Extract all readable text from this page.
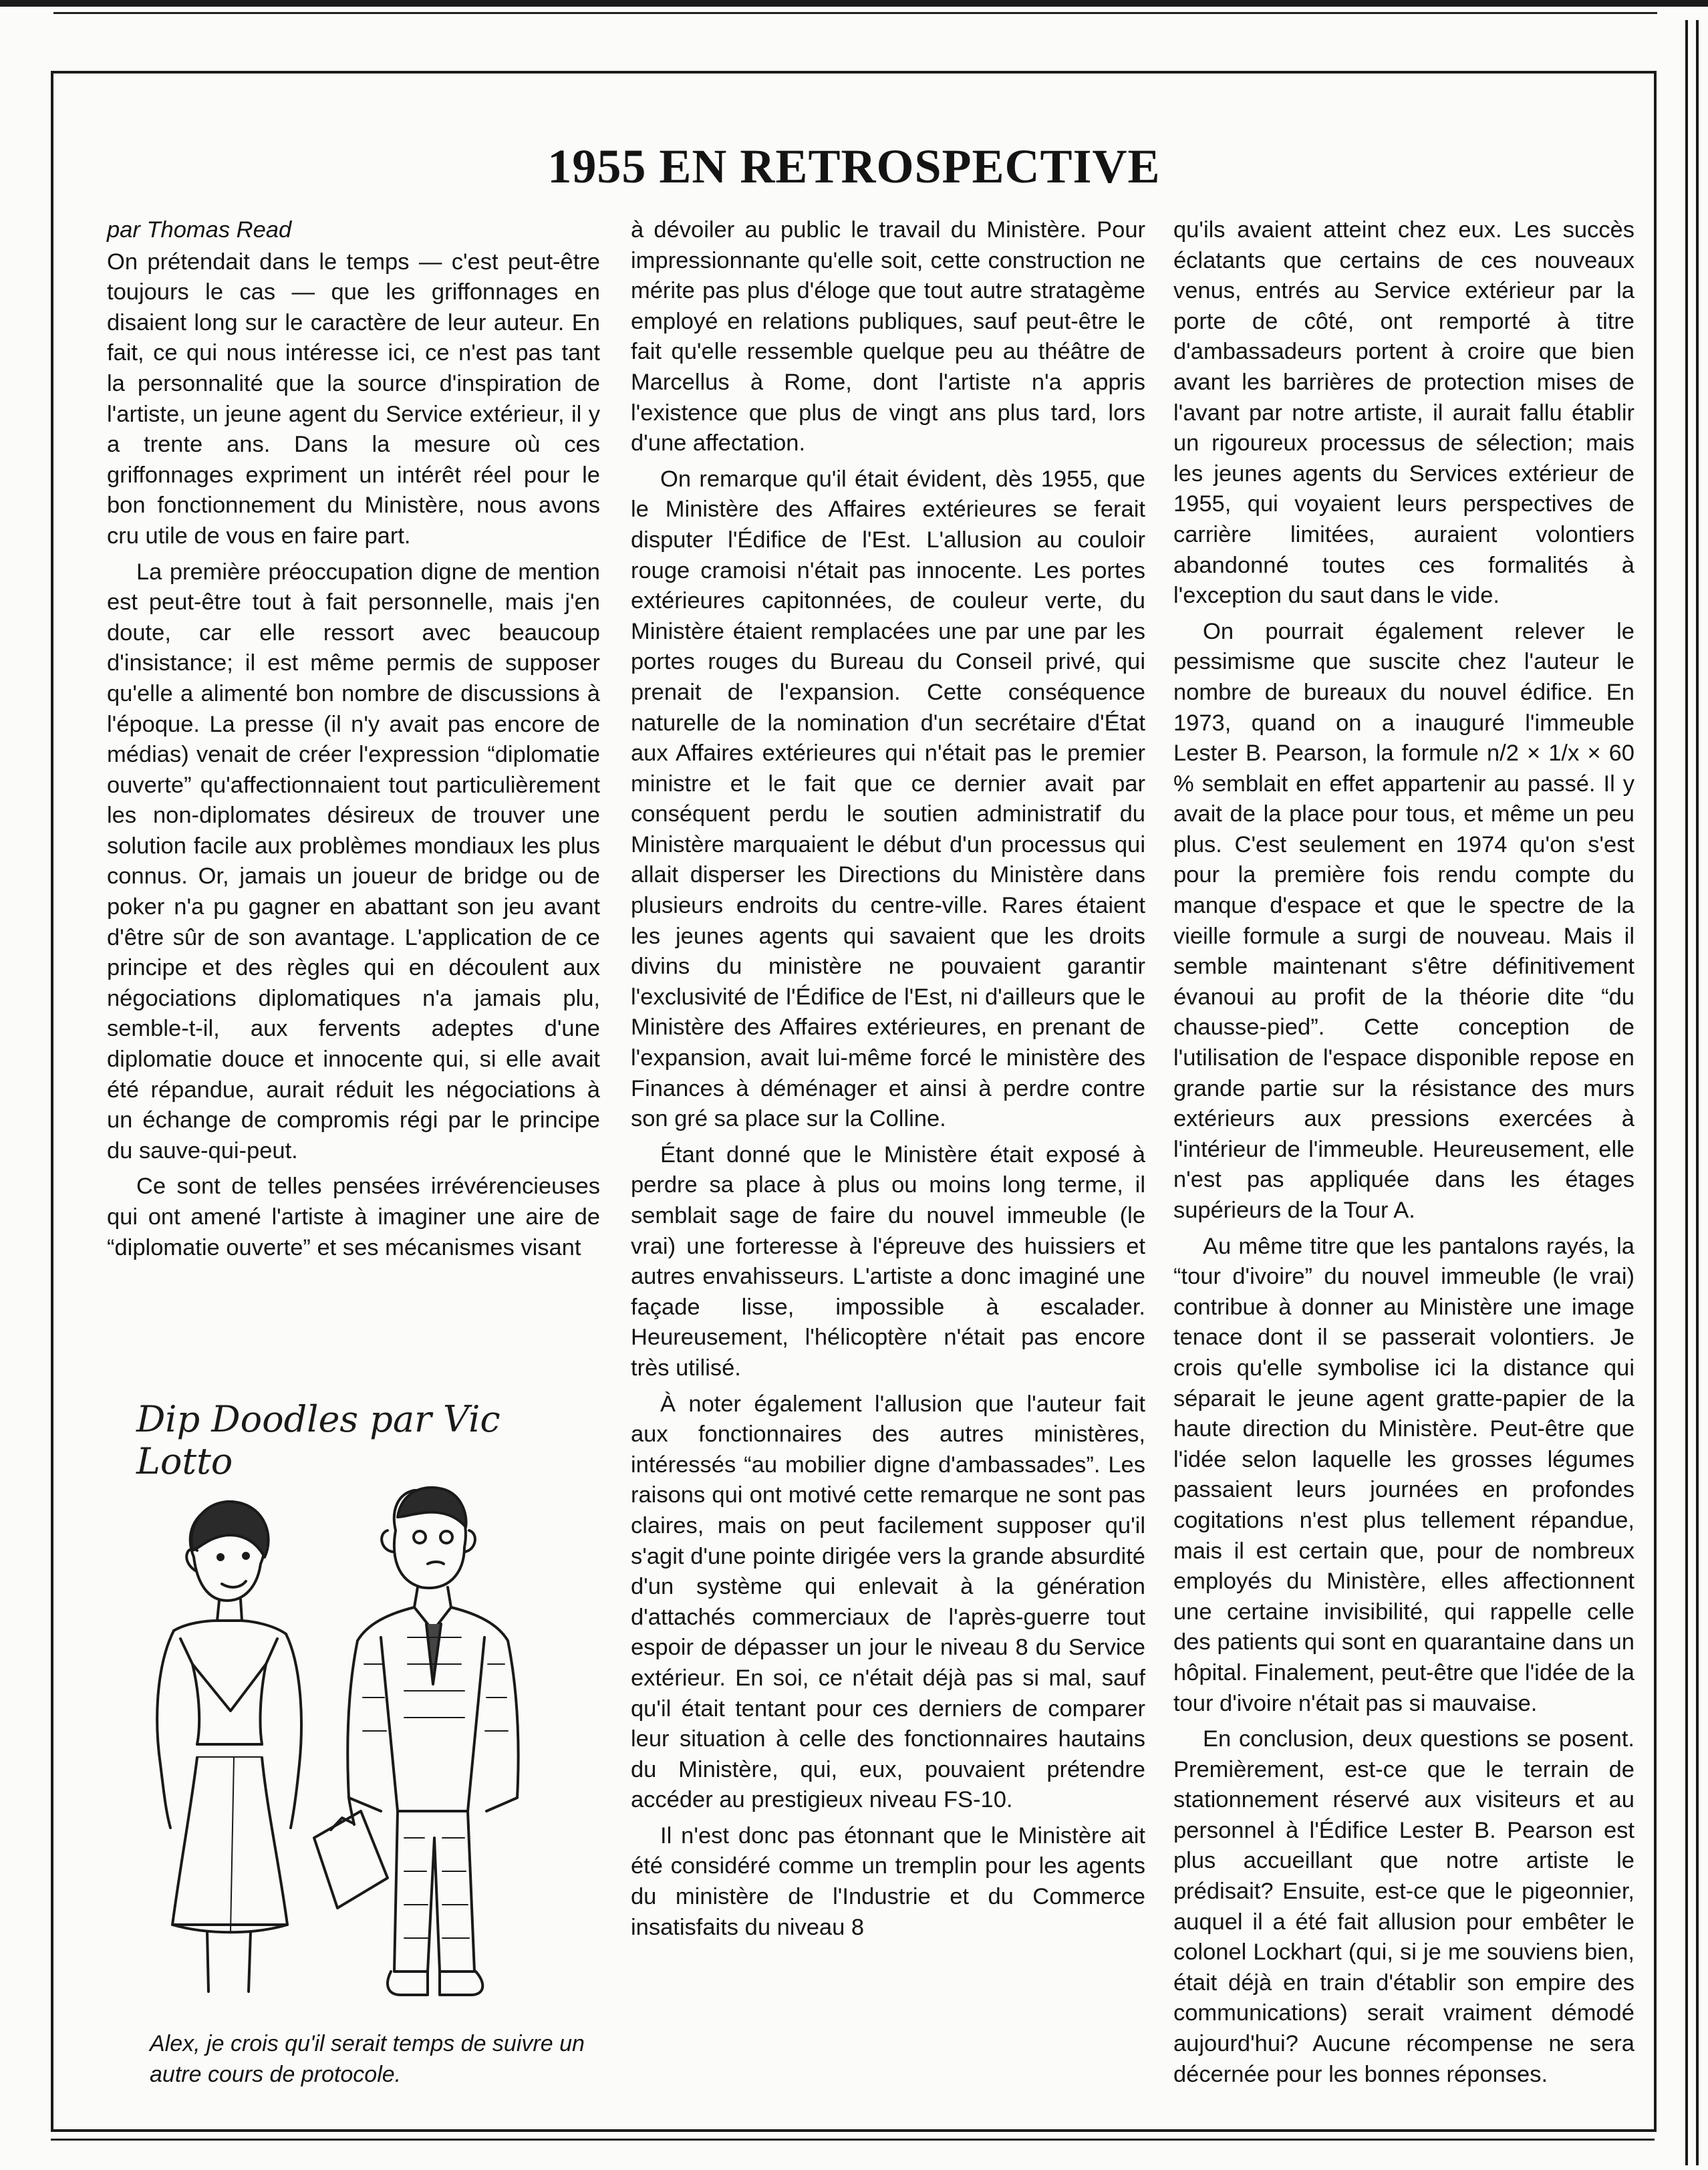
1955 EN RETROSPECTIVE

par Thomas Read
On prétendait dans le temps — c'est peut-être toujours le cas — que les griffonnages en disaient long sur le caractère de leur auteur. En fait, ce qui nous intéresse ici, ce n'est pas tant la personnalité que la source d'inspiration de l'artiste, un jeune agent du Service extérieur, il y a trente ans. Dans la mesure où ces griffonnages expriment un intérêt réel pour le bon fonctionnement du Ministère, nous avons cru utile de vous en faire part.

La première préoccupation digne de mention est peut-être tout à fait personnelle, mais j'en doute, car elle ressort avec beaucoup d'insistance; il est même permis de supposer qu'elle a alimenté bon nombre de discussions à l'époque. La presse (il n'y avait pas encore de médias) venait de créer l'expression “diplomatie ouverte” qu'affectionnaient tout particulièrement les non-diplomates désireux de trouver une solution facile aux problèmes mondiaux les plus connus. Or, jamais un joueur de bridge ou de poker n'a pu gagner en abattant son jeu avant d'être sûr de son avantage. L'application de ce principe et des règles qui en découlent aux négociations diplomatiques n'a jamais plu, semble-t-il, aux fervents adeptes d'une diplomatie douce et innocente qui, si elle avait été répandue, aurait réduit les négociations à un échange de compromis régi par le principe du sauve-qui-peut.

Ce sont de telles pensées irrévérencieuses qui ont amené l'artiste à imaginer une aire de “diplomatie ouverte” et ses mécanismes visant

à dévoiler au public le travail du Ministère. Pour impressionnante qu'elle soit, cette construction ne mérite pas plus d'éloge que tout autre stratagème employé en relations publiques, sauf peut-être le fait qu'elle ressemble quelque peu au théâtre de Marcellus à Rome, dont l'artiste n'a appris l'existence que plus de vingt ans plus tard, lors d'une affectation.

On remarque qu'il était évident, dès 1955, que le Ministère des Affaires extérieures se ferait disputer l'Édifice de l'Est. L'allusion au couloir rouge cramoisi n'était pas innocente. Les portes extérieures capitonnées, de couleur verte, du Ministère étaient remplacées une par une par les portes rouges du Bureau du Conseil privé, qui prenait de l'expansion. Cette conséquence naturelle de la nomination d'un secrétaire d'État aux Affaires extérieures qui n'était pas le premier ministre et le fait que ce dernier avait par conséquent perdu le soutien administratif du Ministère marquaient le début d'un processus qui allait disperser les Directions du Ministère dans plusieurs endroits du centre-ville. Rares étaient les jeunes agents qui savaient que les droits divins du ministère ne pouvaient garantir l'exclusivité de l'Édifice de l'Est, ni d'ailleurs que le Ministère des Affaires extérieures, en prenant de l'expansion, avait lui-même forcé le ministère des Finances à déménager et ainsi à perdre contre son gré sa place sur la Colline.

Étant donné que le Ministère était exposé à perdre sa place à plus ou moins long terme, il semblait sage de faire du nouvel immeuble (le vrai) une forteresse à l'épreuve des huissiers et autres envahisseurs. L'artiste a donc imaginé une façade lisse, impossible à escalader. Heureusement, l'hélicoptère n'était pas encore très utilisé.

À noter également l'allusion que l'auteur fait aux fonctionnaires des autres ministères, intéressés “au mobilier digne d'ambassades”. Les raisons qui ont motivé cette remarque ne sont pas claires, mais on peut facilement supposer qu'il s'agit d'une pointe dirigée vers la grande absurdité d'un système qui enlevait à la génération d'attachés commerciaux de l'après-guerre tout espoir de dépasser un jour le niveau 8 du Service extérieur. En soi, ce n'était déjà pas si mal, sauf qu'il était tentant pour ces derniers de comparer leur situation à celle des fonctionnaires hautains du Ministère, qui, eux, pouvaient prétendre accéder au prestigieux niveau FS-10.

Il n'est donc pas étonnant que le Ministère ait été considéré comme un tremplin pour les agents du ministère de l'Industrie et du Commerce insatisfaits du niveau 8

qu'ils avaient atteint chez eux. Les succès éclatants que certains de ces nouveaux venus, entrés au Service extérieur par la porte de côté, ont remporté à titre d'ambassadeurs portent à croire que bien avant les barrières de protection mises de l'avant par notre artiste, il aurait fallu établir un rigoureux processus de sélection; mais les jeunes agents du Services extérieur de 1955, qui voyaient leurs perspectives de carrière limitées, auraient volontiers abandonné toutes ces formalités à l'exception du saut dans le vide.

On pourrait également relever le pessimisme que suscite chez l'auteur le nombre de bureaux du nouvel édifice. En 1973, quand on a inauguré l'immeuble Lester B. Pearson, la formule n/2 × 1/x × 60 % semblait en effet appartenir au passé. Il y avait de la place pour tous, et même un peu plus. C'est seulement en 1974 qu'on s'est pour la première fois rendu compte du manque d'espace et que le spectre de la vieille formule a surgi de nouveau. Mais il semble maintenant s'être définitivement évanoui au profit de la théorie dite “du chausse-pied”. Cette conception de l'utilisation de l'espace disponible repose en grande partie sur la résistance des murs extérieurs aux pressions exercées à l'intérieur de l'immeuble. Heureusement, elle n'est pas appliquée dans les étages supérieurs de la Tour A.

Au même titre que les pantalons rayés, la “tour d'ivoire” du nouvel immeuble (le vrai) contribue à donner au Ministère une image tenace dont il se passerait volontiers. Je crois qu'elle symbolise ici la distance qui séparait le jeune agent gratte-papier de la haute direction du Ministère. Peut-être que l'idée selon laquelle les grosses légumes passaient leurs journées en profondes cogitations n'est plus tellement répandue, mais il est certain que, pour de nombreux employés du Ministère, elles affectionnent une certaine invisibilité, qui rappelle celle des patients qui sont en quarantaine dans un hôpital. Finalement, peut-être que l'idée de la tour d'ivoire n'était pas si mauvaise.

En conclusion, deux questions se posent. Premièrement, est-ce que le terrain de stationnement réservé aux visiteurs et au personnel à l'Édifice Lester B. Pearson est plus accueillant que notre artiste le prédisait? Ensuite, est-ce que le pigeonnier, auquel il a été fait allusion pour embêter le colonel Lockhart (qui, si je me souviens bien, était déjà en train d'établir son empire des communications) serait vraiment démodé aujourd'hui? Aucune récompense ne sera décernée pour les bonnes réponses.

Dip Doodles par Vic Lotto
Alex, je crois qu'il serait temps de suivre un autre cours de protocole.
